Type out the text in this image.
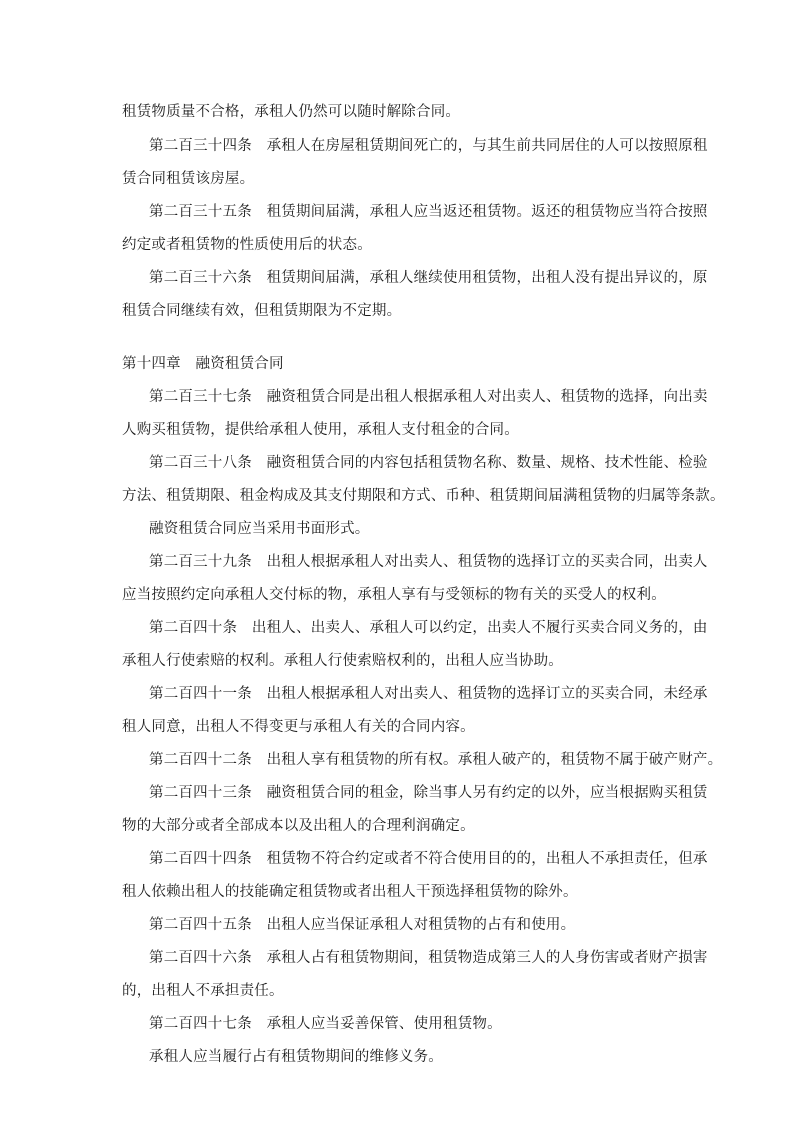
租赁物质量不合格，承租人仍然可以随时解除合同。
第二百三十四条　承租人在房屋租赁期间死亡的，与其生前共同居住的人可以按照原租
赁合同租赁该房屋。
第二百三十五条　租赁期间届满，承租人应当返还租赁物。返还的租赁物应当符合按照
约定或者租赁物的性质使用后的状态。
第二百三十六条　租赁期间届满，承租人继续使用租赁物，出租人没有提出异议的，原
租赁合同继续有效，但租赁期限为不定期。
第十四章　融资租赁合同
第二百三十七条　融资租赁合同是出租人根据承租人对出卖人、租赁物的选择，向出卖
人购买租赁物，提供给承租人使用，承租人支付租金的合同。
第二百三十八条　融资租赁合同的内容包括租赁物名称、数量、规格、技术性能、检验
方法、租赁期限、租金构成及其支付期限和方式、币种、租赁期间届满租赁物的归属等条款。
融资租赁合同应当采用书面形式。
第二百三十九条　出租人根据承租人对出卖人、租赁物的选择订立的买卖合同，出卖人
应当按照约定向承租人交付标的物，承租人享有与受领标的物有关的买受人的权利。
第二百四十条　出租人、出卖人、承租人可以约定，出卖人不履行买卖合同义务的，由
承租人行使索赔的权利。承租人行使索赔权利的，出租人应当协助。
第二百四十一条　出租人根据承租人对出卖人、租赁物的选择订立的买卖合同，未经承
租人同意，出租人不得变更与承租人有关的合同内容。
第二百四十二条　出租人享有租赁物的所有权。承租人破产的，租赁物不属于破产财产。
第二百四十三条　融资租赁合同的租金，除当事人另有约定的以外，应当根据购买租赁
物的大部分或者全部成本以及出租人的合理利润确定。
第二百四十四条　租赁物不符合约定或者不符合使用目的的，出租人不承担责任，但承
租人依赖出租人的技能确定租赁物或者出租人干预选择租赁物的除外。
第二百四十五条　出租人应当保证承租人对租赁物的占有和使用。
第二百四十六条　承租人占有租赁物期间，租赁物造成第三人的人身伤害或者财产损害
的，出租人不承担责任。
第二百四十七条　承租人应当妥善保管、使用租赁物。
承租人应当履行占有租赁物期间的维修义务。
